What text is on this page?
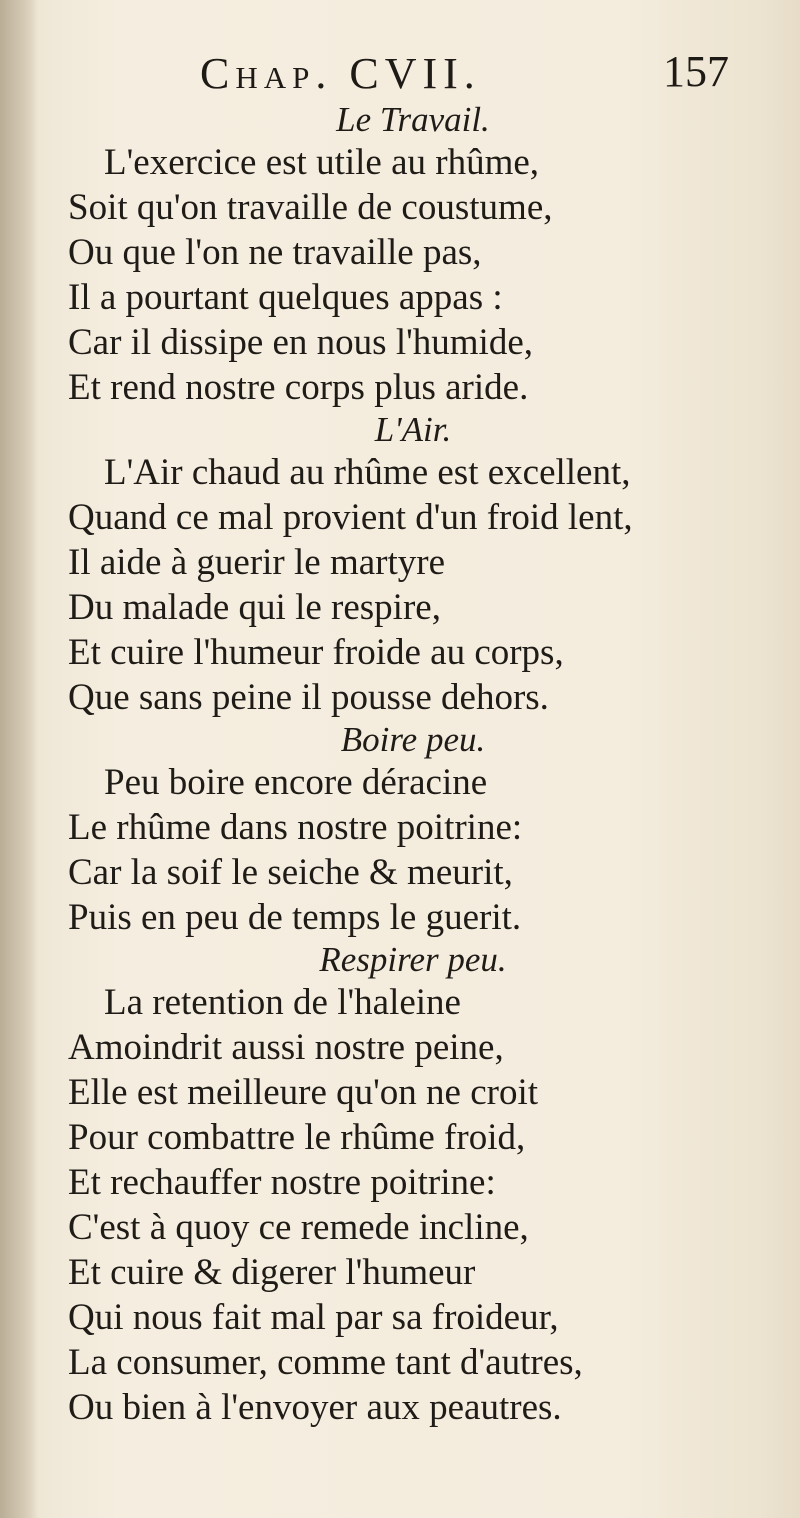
Chap. CVII.	157
Le Travail.
L'exercice est utile au rhûme,
Soit qu'on travaille de coustume,
Ou que l'on ne travaille pas,
Il a pourtant quelques appas :
Car il dissipe en nous l'humide,
Et rend nostre corps plus aride.
L'Air.
L'Air chaud au rhûme est excellent,
Quand ce mal provient d'un froid lent,
Il aide à guerir le martyre
Du malade qui le respire,
Et cuire l'humeur froide au corps,
Que sans peine il pousse dehors.
Boire peu.
Peu boire encore déracine
Le rhûme dans nostre poitrine:
Car la soif le seiche & meurit,
Puis en peu de temps le guerit.
Respirer peu.
La retention de l'haleine
Amoindrit aussi nostre peine,
Elle est meilleure qu'on ne croit
Pour combattre le rhûme froid,
Et rechauffer nostre poitrine:
C'est à quoy ce remede incline,
Et cuire & digerer l'humeur
Qui nous fait mal par sa froideur,
La consumer, comme tant d'autres,
Ou bien à l'envoyer aux peautres.
